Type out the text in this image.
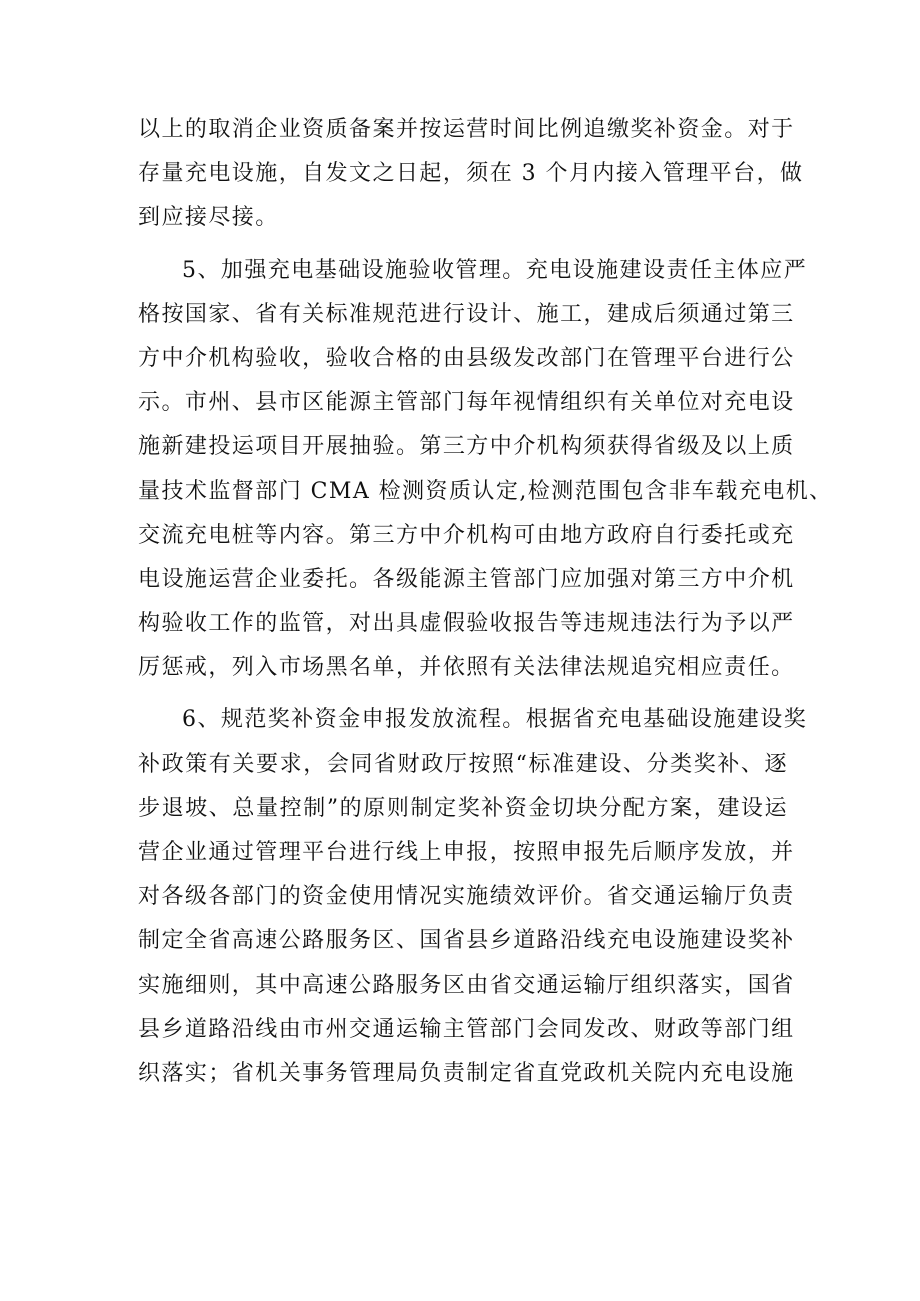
以上的取消企业资质备案并按运营时间比例追缴奖补资金。对于
存量充电设施，自发文之日起，须在 3 个月内接入管理平台，做
到应接尽接。
5、加强充电基础设施验收管理。充电设施建设责任主体应严
格按国家、省有关标准规范进行设计、施工，建成后须通过第三
方中介机构验收，验收合格的由县级发改部门在管理平台进行公
示。市州、县市区能源主管部门每年视情组织有关单位对充电设
施新建投运项目开展抽验。第三方中介机构须获得省级及以上质
量技术监督部门 CMA 检测资质认定,检测范围包含非车载充电机、
交流充电桩等内容。第三方中介机构可由地方政府自行委托或充
电设施运营企业委托。各级能源主管部门应加强对第三方中介机
构验收工作的监管，对出具虚假验收报告等违规违法行为予以严
厉惩戒，列入市场黑名单，并依照有关法律法规追究相应责任。
6、规范奖补资金申报发放流程。根据省充电基础设施建设奖
补政策有关要求，会同省财政厅按照“标准建设、分类奖补、逐
步退坡、总量控制”的原则制定奖补资金切块分配方案，建设运
营企业通过管理平台进行线上申报，按照申报先后顺序发放，并
对各级各部门的资金使用情况实施绩效评价。省交通运输厅负责
制定全省高速公路服务区、国省县乡道路沿线充电设施建设奖补
实施细则，其中高速公路服务区由省交通运输厅组织落实，国省
县乡道路沿线由市州交通运输主管部门会同发改、财政等部门组
织落实；省机关事务管理局负责制定省直党政机关院内充电设施
